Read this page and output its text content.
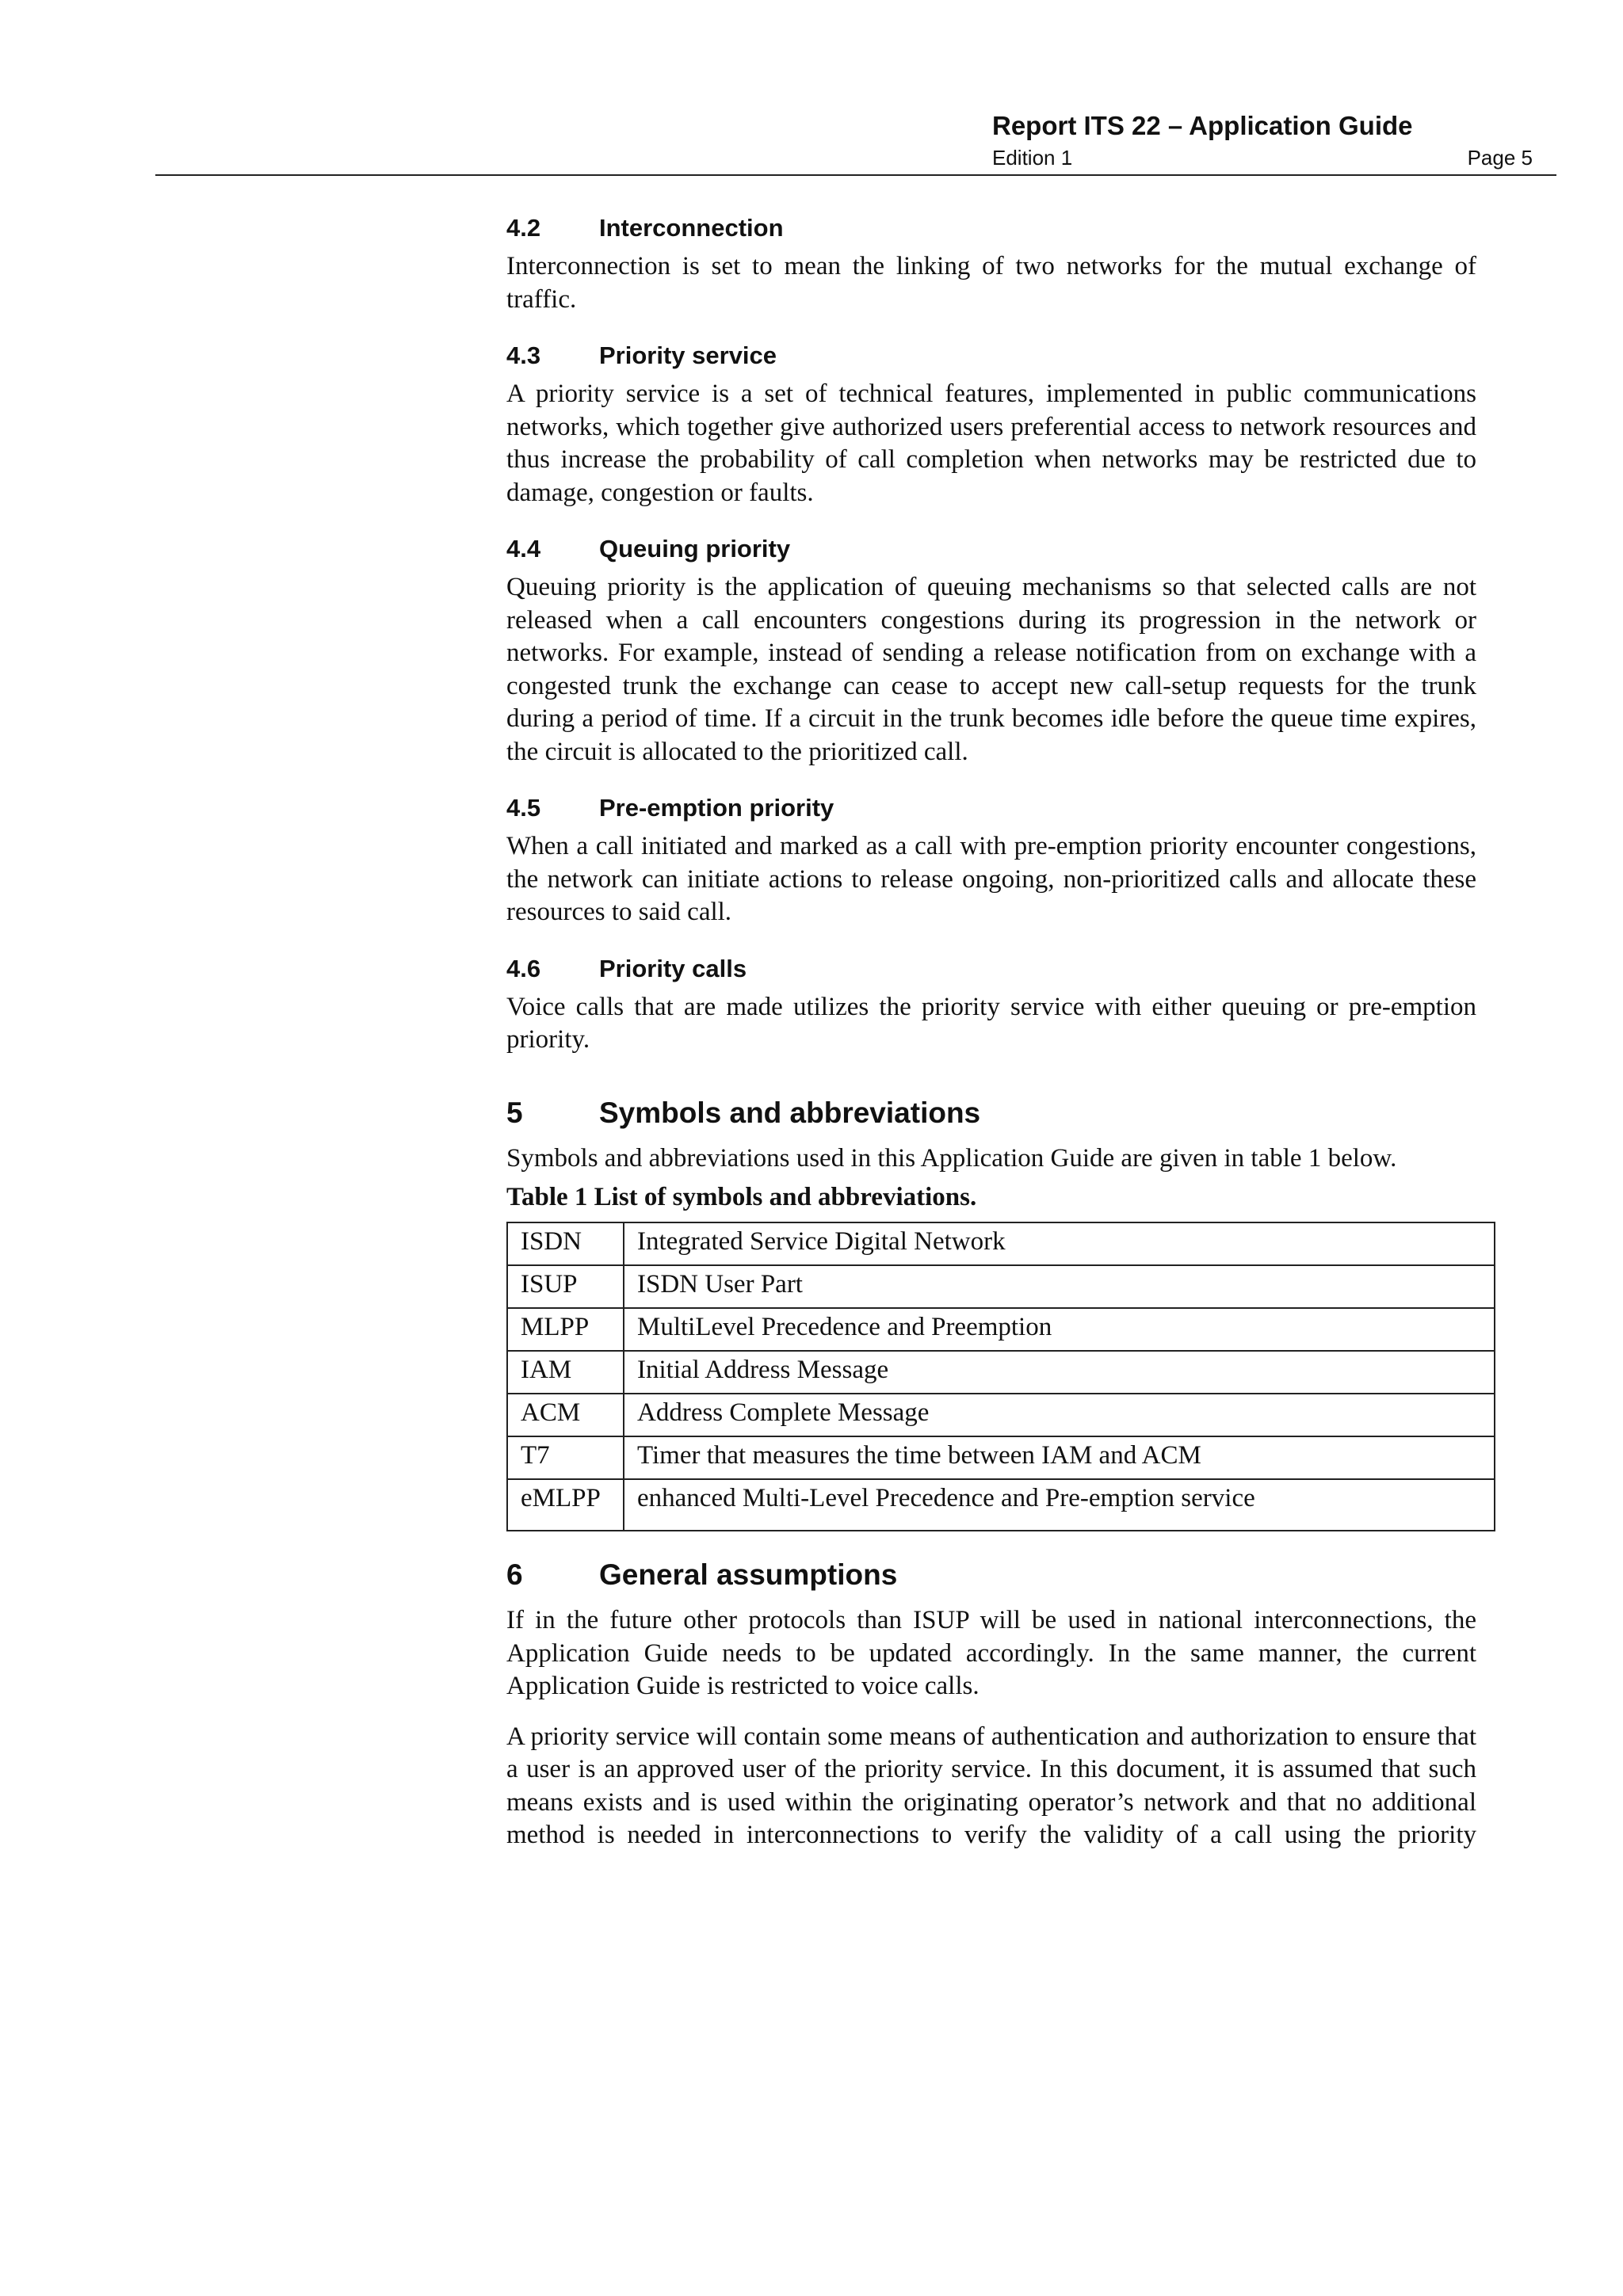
Report ITS 22 – Application Guide
Edition 1	Page 5
4.2	Interconnection

Interconnection is set to mean the linking of two networks for the mutual exchange of traffic.

4.3	Priority service

A priority service is a set of technical features, implemented in public communications networks, which together give authorized users preferential access to network resources and thus increase the probability of call completion when networks may be restricted due to damage, congestion or faults.

4.4	Queuing priority

Queuing priority is the application of queuing mechanisms so that selected calls are not released when a call encounters congestions during its progression in the network or networks. For example, instead of sending a release notification from on exchange with a congested trunk the exchange can cease to accept new call-setup requests for the trunk during a period of time. If a circuit in the trunk becomes idle before the queue time expires, the circuit is allocated to the prioritized call.

4.5	Pre-emption priority

When a call initiated and marked as a call with pre-emption priority encounter congestions, the network can initiate actions to release ongoing, non-prioritized calls and allocate these resources to said call.

4.6	Priority calls

Voice calls that are made utilizes the priority service with either queuing or pre-emption priority.

5	Symbols and abbreviations

Symbols and abbreviations used in this Application Guide are given in table 1 below.

Table 1 List of symbols and abbreviations.
ISDN	Integrated Service Digital Network
ISUP	ISDN User Part
MLPP	MultiLevel Precedence and Preemption
IAM	Initial Address Message
ACM	Address Complete Message
T7	Timer that measures the time between IAM and ACM
eMLPP	enhanced Multi-Level Precedence and Pre-emption service
6	General assumptions

If in the future other protocols than ISUP will be used in national interconnections, the Application Guide needs to be updated accordingly. In the same manner, the current Application Guide is restricted to voice calls.

A priority service will contain some means of authentication and authorization to ensure that a user is an approved user of the priority service. In this document, it is assumed that such means exists and is used within the originating operator’s network and that no additional method is needed in interconnections to verify the validity of a call using the priority
